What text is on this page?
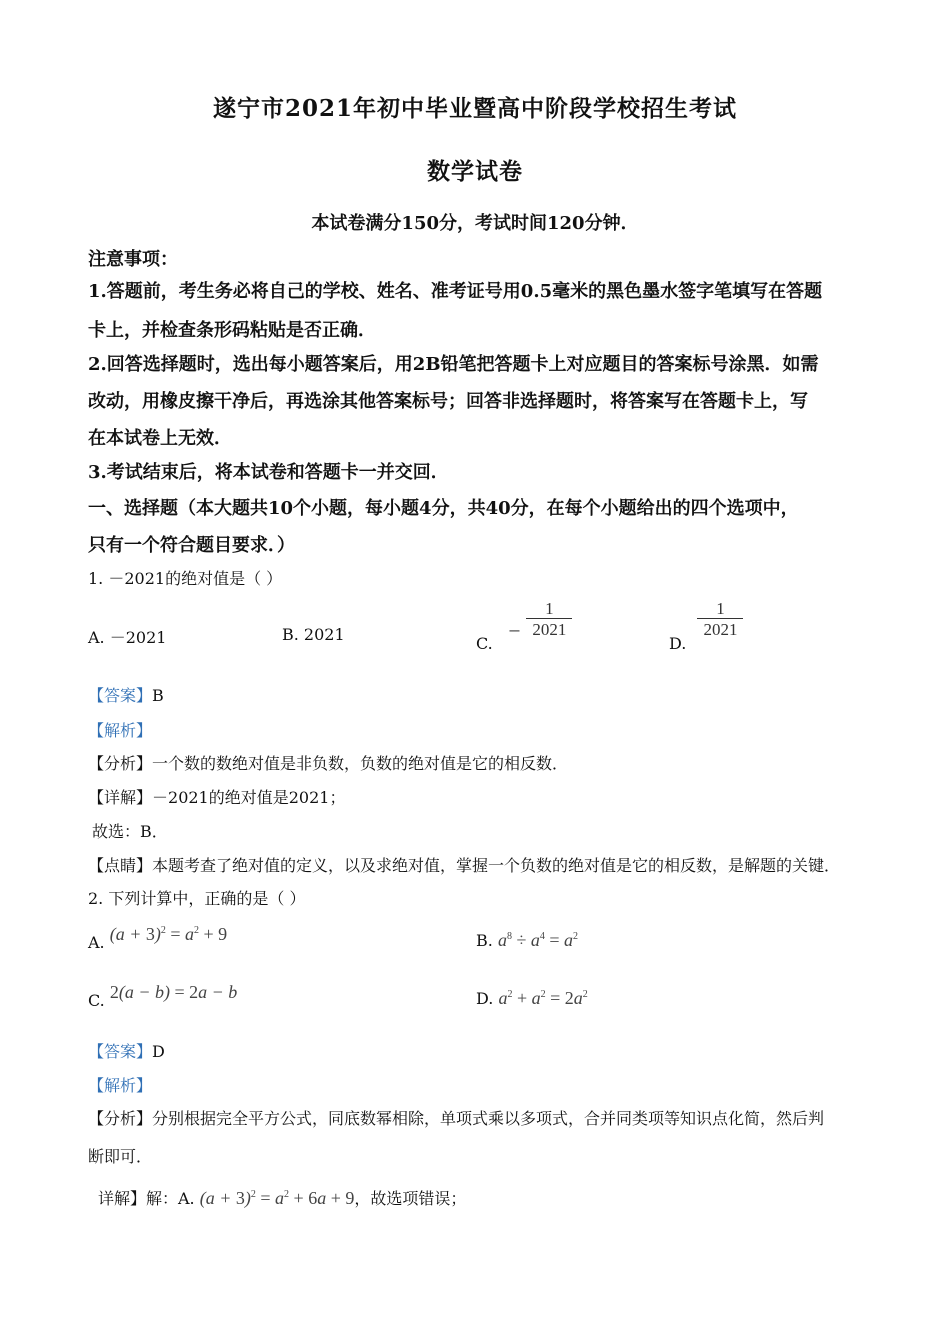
遂宁市2021年初中毕业暨高中阶段学校招生考试
数学试卷
本试卷满分150分，考试时间120分钟．
注意事项：
1.答题前，考生务必将自己的学校、姓名、准考证号用0.5毫米的黑色墨水签字笔填写在答题
卡上，并检查条形码粘贴是否正确．
2.回答选择题时，选出每小题答案后，用2B铅笔把答题卡上对应题目的答案标号涂黑．如需
改动，用橡皮擦干净后，再选涂其他答案标号；回答非选择题时，将答案写在答题卡上，写
在本试卷上无效．
3.考试结束后，将本试卷和答题卡一并交回．
一、选择题（本大题共10个小题，每小题4分，共40分，在每个小题给出的四个选项中，
只有一个符合题目要求．）
1. －2021的绝对值是（ ）
A. －2021	B. 2021	C. − $\frac{1}{2021}$
D.
$\frac{1}{2021}$
【答案】B
【解析】
【分析】一个数的数绝对值是非负数，负数的绝对值是它的相反数．
【详解】－2021的绝对值是2021；
故选：B．
【点睛】本题考查了绝对值的定义，以及求绝对值，掌握一个负数的绝对值是它的相反数，是解题的关键．
2. 下列计算中，正确的是（ ）
A. $(a + 3)^2 = a^2 + 9$	B. $a^8 \div a^4 = a^2$
C. 2(a − b) = 2a − b	D. $a^2 + a^2 = 2a^2$
【答案】D
【解析】
【分析】分别根据完全平方公式，同底数幂相除，单项式乘以多项式，合并同类项等知识点化简，然后判
断即可．
详解】解：A. $(a + 3)^2 = a^2 + 6a + 9$，故选项错误；
